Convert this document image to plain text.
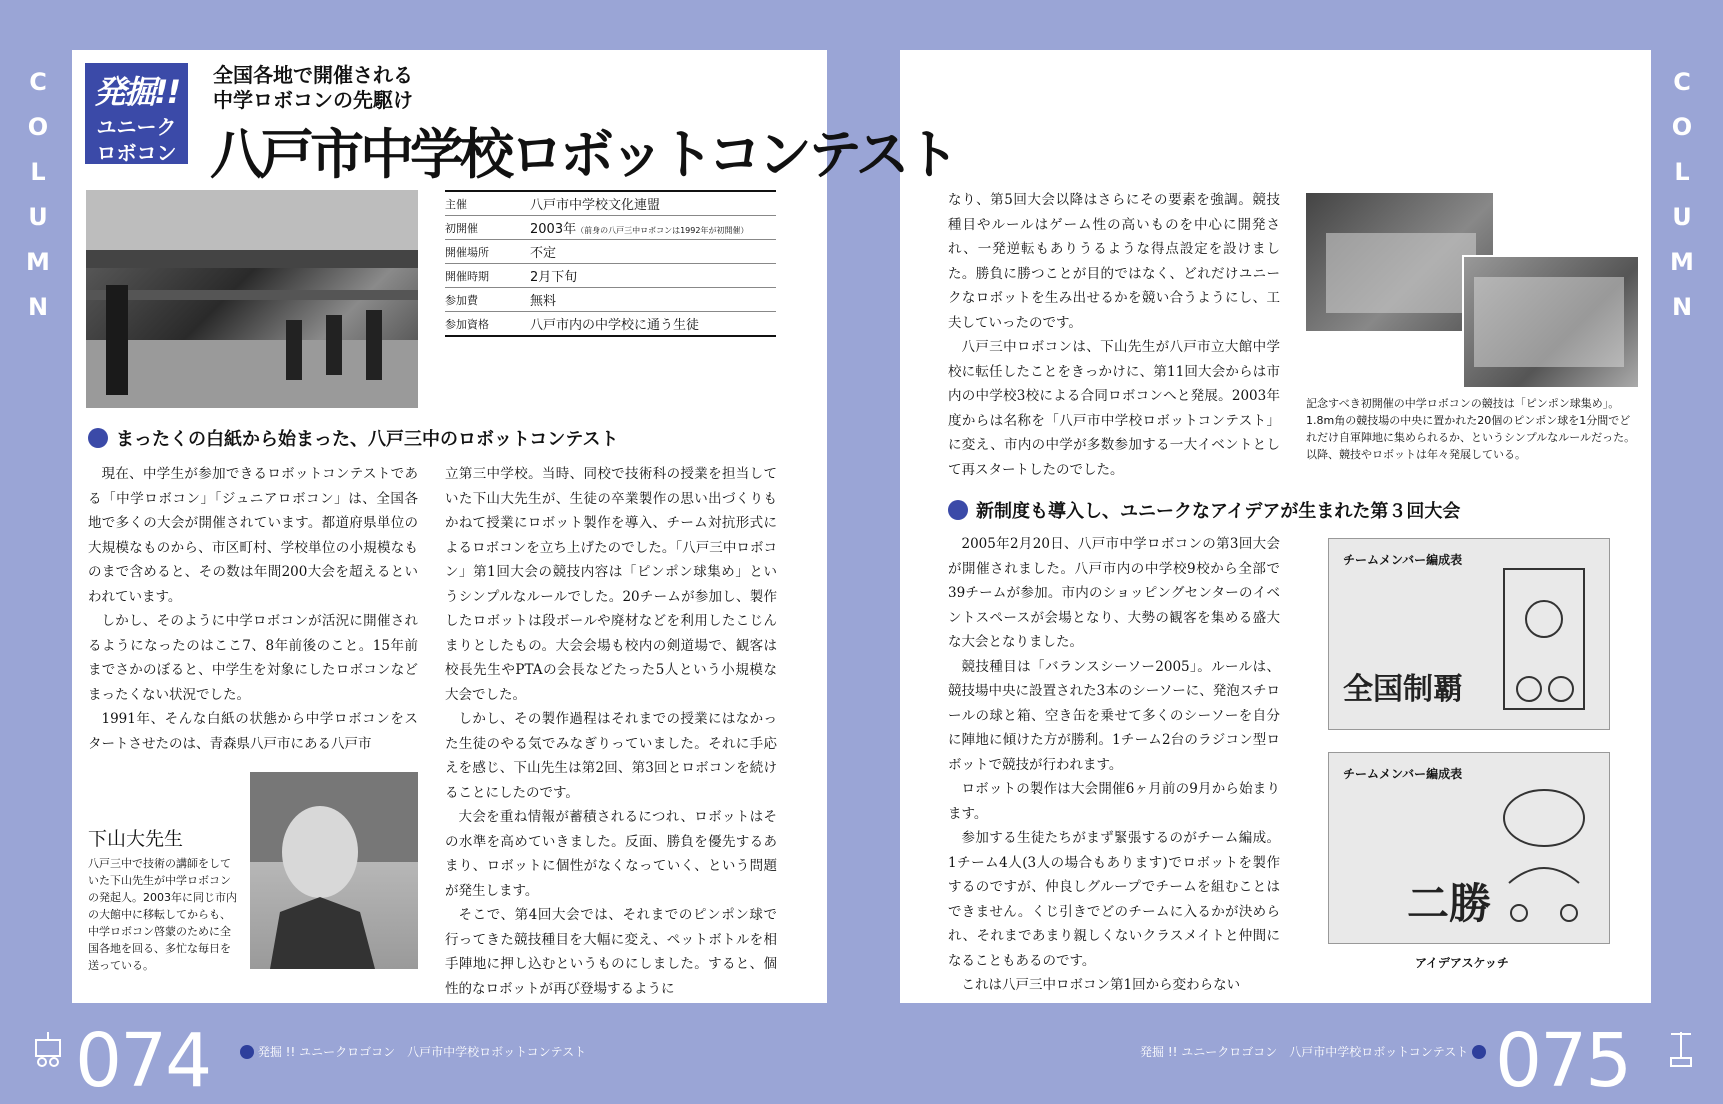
C
O
L
U
M
N
C
O
L
U
M
N
発掘!!
ユニーク
ロボコン
全国各地で開催される
中学ロボコンの先駆け
八戸市中学校ロボットコンテスト
主催	八戸市中学校文化連盟
初開催	2003年（前身の八戸三中ロボコンは1992年が初開催）
開催場所	不定
開催時期	2月下旬
参加費	無料
参加資格	八戸市内の中学校に通う生徒
まったくの白紙から始まった、八戸三中のロボットコンテスト

現在、中学生が参加できるロボットコンテストである「中学ロボコン」「ジュニアロボコン」は、全国各地で多くの大会が開催されています。都道府県単位の大規模なものから、市区町村、学校単位の小規模なものまで含めると、その数は年間200大会を超えるといわれています。

しかし、そのように中学ロボコンが活況に開催されるようになったのはここ7、8年前後のこと。15年前までさかのぼると、中学生を対象にしたロボコンなどまったくない状況でした。

1991年、そんな白紙の状態から中学ロボコンをスタートさせたのは、青森県八戸市にある八戸市

立第三中学校。当時、同校で技術科の授業を担当していた下山大先生が、生徒の卒業製作の思い出づくりもかねて授業にロボット製作を導入、チーム対抗形式によるロボコンを立ち上げたのでした。「八戸三中ロボコン」第1回大会の競技内容は「ピンポン球集め」というシンプルなルールでした。20チームが参加し、製作したロボットは段ボールや廃材などを利用したこじんまりとしたもの。大会会場も校内の剣道場で、観客は校長先生やPTAの会長などたった5人という小規模な大会でした。

しかし、その製作過程はそれまでの授業にはなかった生徒のやる気でみなぎりっていました。それに手応えを感じ、下山先生は第2回、第3回とロボコンを続けることにしたのです。

大会を重ね情報が蓄積されるにつれ、ロボットはその水準を高めていきました。反面、勝負を優先するあまり、ロボットに個性がなくなっていく、という問題が発生します。

そこで、第4回大会では、それまでのピンポン球で行ってきた競技種目を大幅に変え、ペットボトルを相手陣地に押し込むというものにしました。すると、個性的なロボットが再び登場するように

下山大先生
八戸三中で技術の講師をしていた下山先生が中学ロボコンの発起人。2003年に同じ市内の大館中に移転してからも、中学ロボコン啓蒙のために全国各地を回る、多忙な毎日を送っている。

なり、第5回大会以降はさらにその要素を強調。競技種目やルールはゲーム性の高いものを中心に開発され、一発逆転もありうるような得点設定を設けました。勝負に勝つことが目的ではなく、どれだけユニークなロボットを生み出せるかを競い合うようにし、工夫していったのです。

八戸三中ロボコンは、下山先生が八戸市立大館中学校に転任したことをきっかけに、第11回大会からは市内の中学校3校による合同ロボコンへと発展。2003年度からは名称を「八戸市中学校ロボットコンテスト」に変え、市内の中学が多数参加する一大イベントとして再スタートしたのでした。

記念すべき初開催の中学ロボコンの競技は「ピンポン球集め」。1.8m角の競技場の中央に置かれた20個のピンポン球を1分間でどれだけ自軍陣地に集められるか、というシンプルなルールだった。以降、競技やロボットは年々発展している。
新制度も導入し、ユニークなアイデアが生まれた第３回大会

2005年2月20日、八戸市中学ロボコンの第3回大会が開催されました。八戸市内の中学校9校から全部で39チームが参加。市内のショッピングセンターのイベントスペースが会場となり、大勢の観客を集める盛大な大会となりました。

競技種目は「バランスシーソー2005」。ルールは、競技場中央に設置された3本のシーソーに、発泡スチロールの球と箱、空き缶を乗せて多くのシーソーを自分に陣地に傾けた方が勝利。1チーム2台のラジコン型ロボットで競技が行われます。

ロボットの製作は大会開催6ヶ月前の9月から始まります。

参加する生徒たちがまず緊張するのがチーム編成。1チーム4人(3人の場合もあります)でロボットを製作するのですが、仲良しグループでチームを組むことはできません。くじ引きでどのチームに入るかが決められ、それまであまり親しくないクラスメイトと仲間になることもあるのです。

これは八戸三中ロボコン第1回から変わらない

チームメンバー編成表
全国制覇
チームメンバー編成表
二勝
アイデアスケッチ
074	発掘 !! ユニークロゴコン　八戸市中学校ロボットコンテスト	発掘 !! ユニークロゴコン　八戸市中学校ロボットコンテスト 075
